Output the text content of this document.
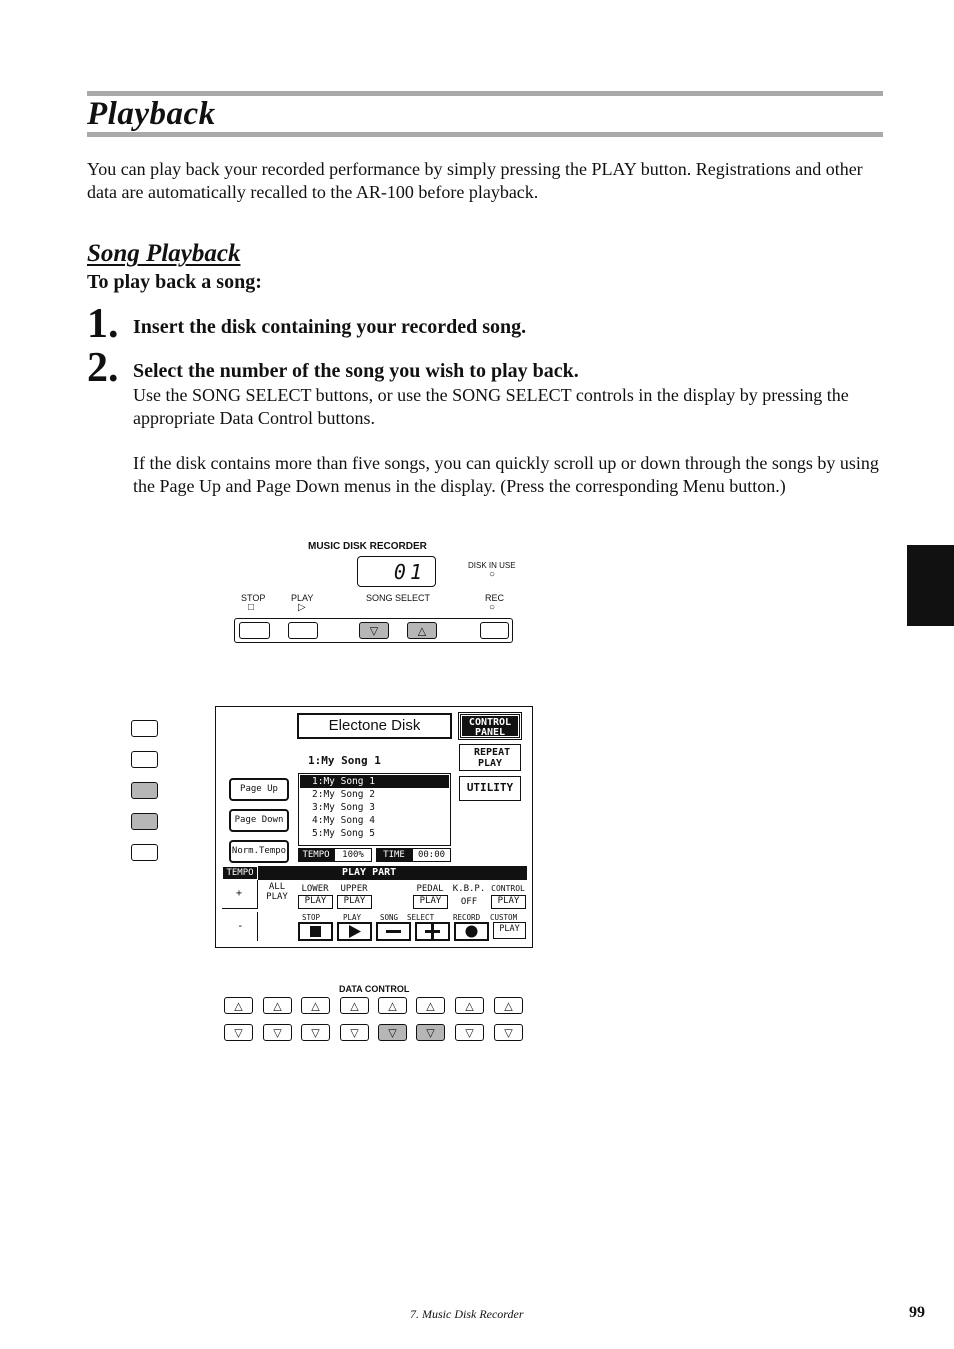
Playback
You can play back your recorded performance by simply pressing the PLAY button. Registrations and other data are automatically recalled to the AR-100 before playback.
Song Playback
To play back a song:
1. Insert the disk containing your recorded song.
2. Select the number of the song you wish to play back.
Use the SONG SELECT buttons, or use the SONG SELECT controls in the display by pressing the appropriate Data Control buttons.
If the disk contains more than five songs, you can quickly scroll up or down through the songs by using the Page Up and Page Down menus in the display. (Press the corresponding Menu button.)
MUSIC DISK RECORDER
01	DISK IN USE
○
STOP
□
PLAY
▷
SONG SELECT	REC
○
▽	△
Electone Disk	CONTROL PANEL
REPEAT PLAY
UTILITY
1:My Song 1
Page Up
Page Down
Norm.Tempo
1:My Song 1
2:My Song 2
3:My Song 3
4:My Song 4
5:My Song 5
TEMPO	100%	TIME	00:00
TEMPO	PLAY PART
+
-
ALL PLAY
LOWER
PLAY
UPPER
PLAY
PEDAL
PLAY
K.B.P.
OFF
CONTROL
PLAY
STOP	PLAY	SONG SELECT	RECORD CUSTOM
PLAY
DATA CONTROL
△	△	△	△	△	△	△	△
▽	▽	▽	▽	▽	▽	▽	▽
7. Music Disk Recorder	99
